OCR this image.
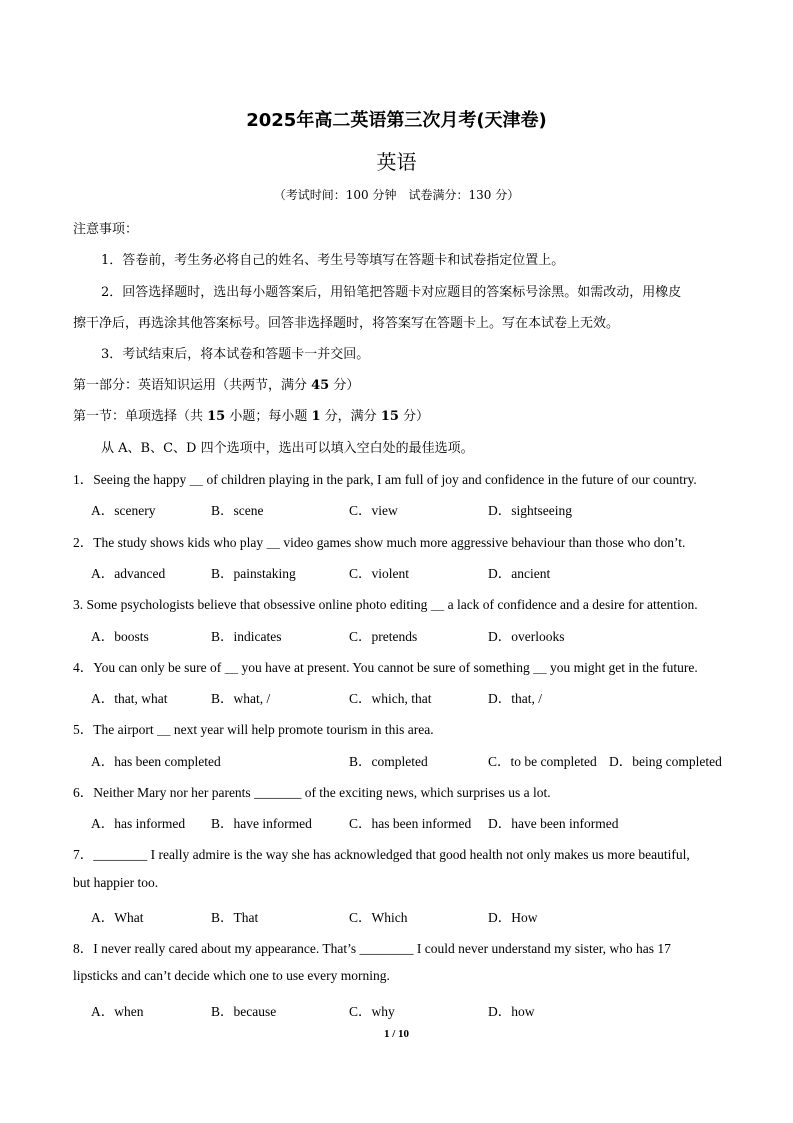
2025年高二英语第三次月考(天津卷)
英语
（考试时间：100 分钟　试卷满分：130 分）
注意事项：
1．答卷前，考生务必将自己的姓名、考生号等填写在答题卡和试卷指定位置上。
2．回答选择题时，选出每小题答案后，用铅笔把答题卡对应题目的答案标号涂黑。如需改动，用橡皮
擦干净后，再选涂其他答案标号。回答非选择题时，将答案写在答题卡上。写在本试卷上无效。
3．考试结束后，将本试卷和答题卡一并交回。
第一部分：英语知识运用（共两节，满分 45 分）
第一节：单项选择（共 15 小题；每小题 1 分，满分 15 分）
从 A、B、C、D 四个选项中，选出可以填入空白处的最佳选项。
1．Seeing the happy ＿ of children playing in the park, I am full of joy and confidence in the future of our country.
A．scenery	B．scene	C．view	D．sightseeing
2．The study shows kids who play ＿ video games show much more aggressive behaviour than those who don’t.
A．advanced	B．painstaking	C．violent	D．ancient
3. Some psychologists believe that obsessive online photo editing ＿ a lack of confidence and a desire for attention.
A．boosts	B．indicates	C．pretends	D．overlooks
4．You can only be sure of ＿ you have at present. You cannot be sure of something ＿ you might get in the future.
A．that, what	B．what, /	C．which, that	D．that, /
5．The airport ＿ next year will help promote tourism in this area.
A．has been completed	B．completed	C．to be completed D．being completed
6．Neither Mary nor her parents _______ of the exciting news, which surprises us a lot.
A．has informed B．have informed	C．has been informed D．have been informed
7．________ I really admire is the way she has acknowledged that good health not only makes us more beautiful,
but happier too.
A．What	B．That	C．Which	D．How
8．I never really cared about my appearance. That’s ________ I could never understand my sister, who has 17
lipsticks and can’t decide which one to use every morning.
A．when	B．because	C．why	D．how
1 / 10
